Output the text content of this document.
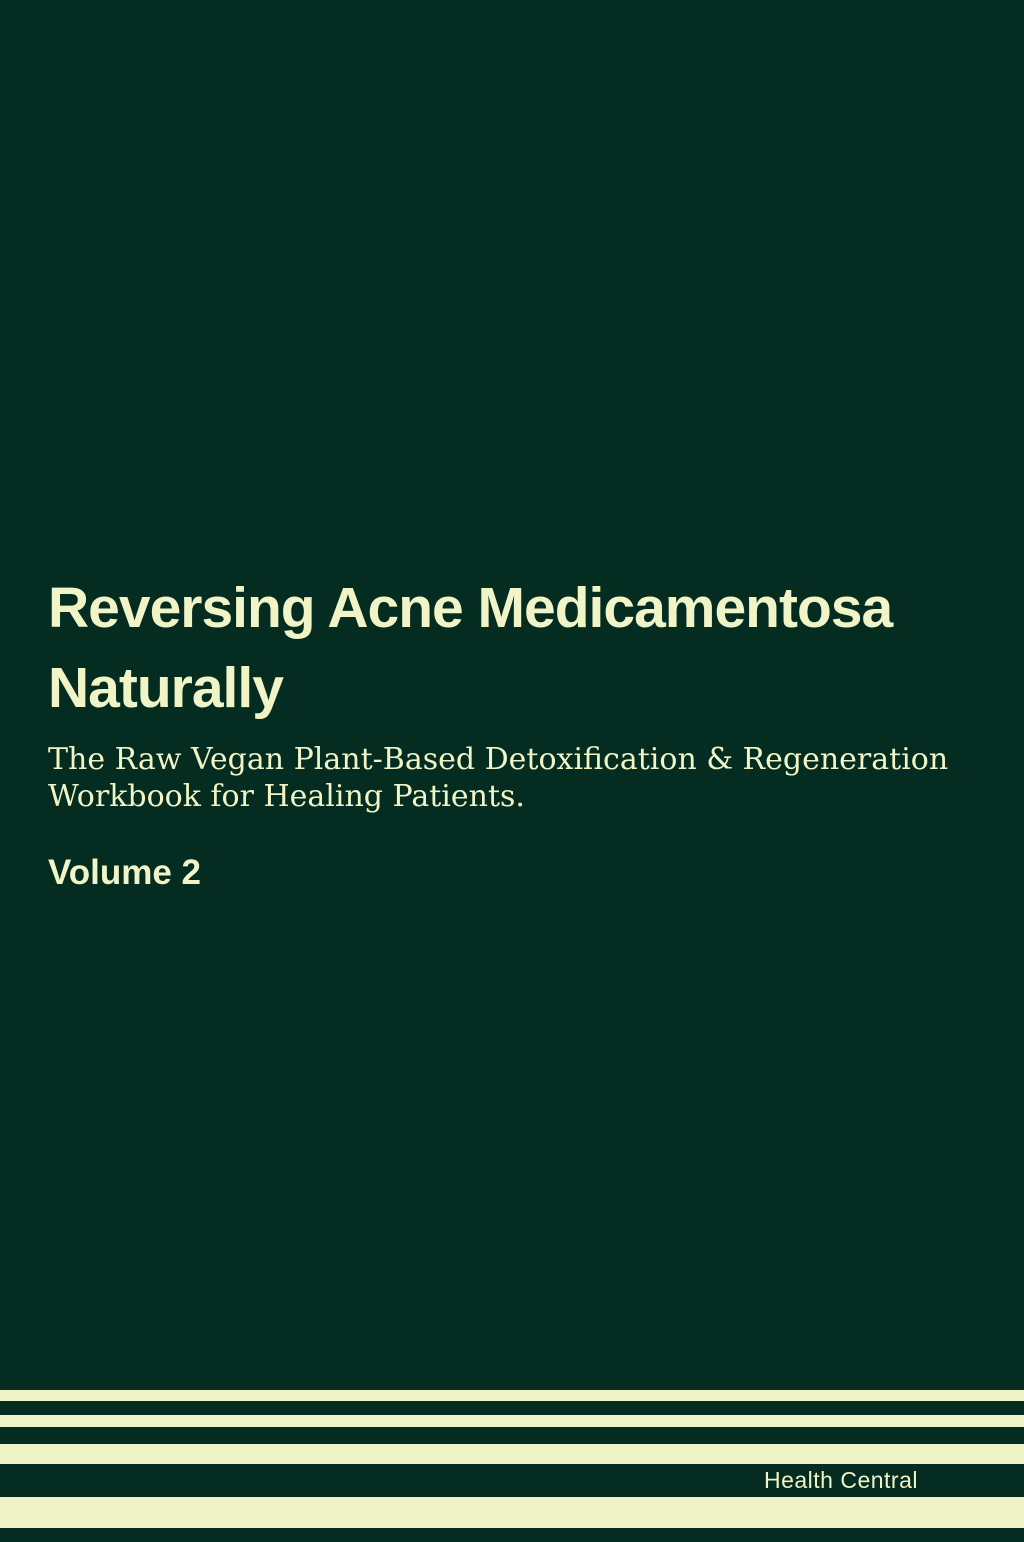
Reversing Acne Medicamentosa
Naturally
The Raw Vegan Plant-Based Detoxification & Regeneration
Workbook for Healing Patients.
Volume 2
Health Central
